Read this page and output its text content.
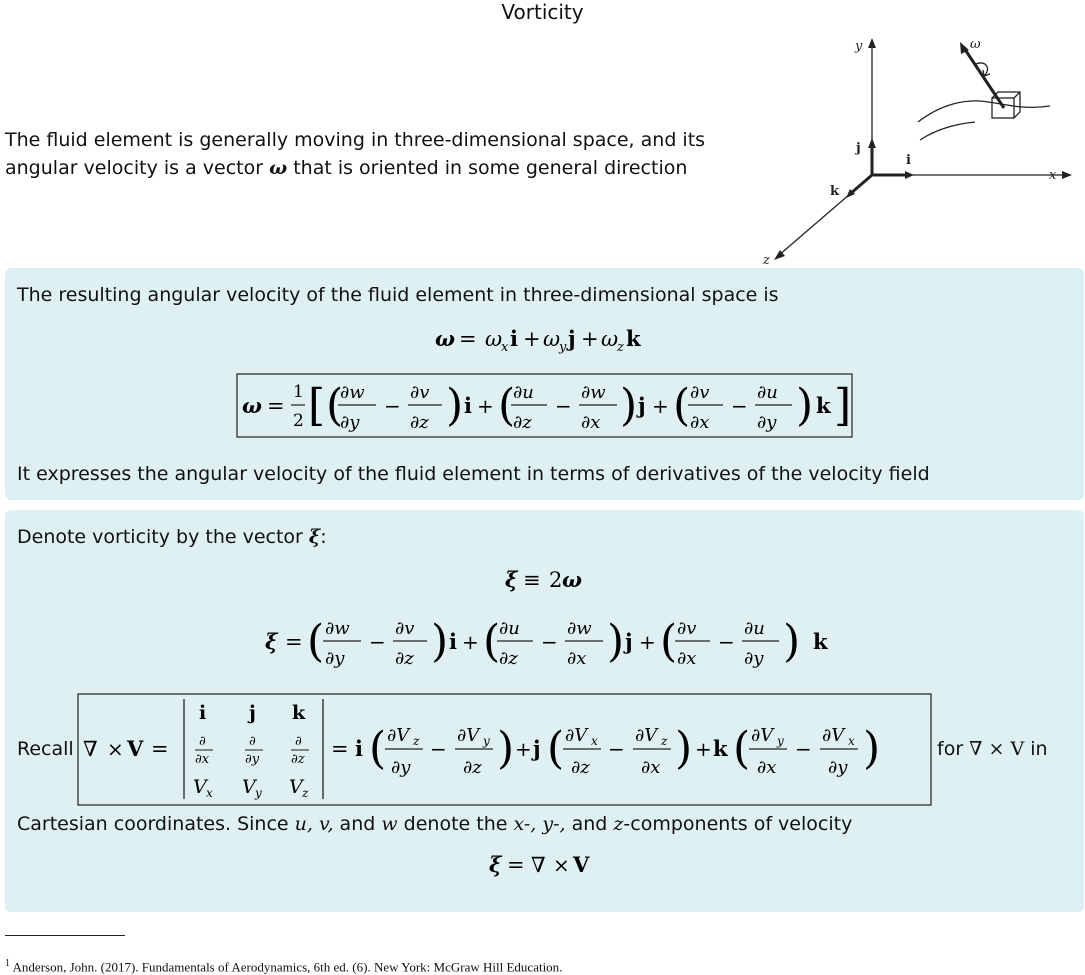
Vorticity
The fluid element is generally moving in three-dimensional space, and its angular velocity is a vector ω that is oriented in some general direction
y
x
z
ω
i
j
k
The resulting angular velocity of the fluid element in three-dimensional space is
ω = ω
x i + ω
y j + ω
z k
ω =
1
2 [ (
∂w
∂y
−
∂v
∂z ) i + (
∂u
∂z
−
∂w
∂x ) j + ( ∂v
∂x
−
∂u
∂y ) k ]
It expresses the angular velocity of the fluid element in terms of derivatives of the velocity field
Denote vorticity by the vector ξ:
ξ ≡ 2 ω
ξ = ( ∂w
∂y
−
∂v
∂z ) i + (
∂u
∂z
−
∂w
∂x ) j + ( ∂v
∂x
−
∂u
∂y ) k
Recall ∇ × V =
i j k
∂
∂x
∂
∂y
∂
∂z
V x V y V z
= i ( ∂V z
∂y
−
∂V y
∂z ) + j ( ∂V x
∂z
−
∂V z
∂x ) + k ( ∂V y
∂x
−
∂V x
∂y )	for ∇ × V in
Cartesian coordinates. Since u, v, and w denote the x-, y-, and z-components of velocity
ξ = ∇ × V
$^1$ Anderson, John. (2017). Fundamentals of Aerodynamics, 6th ed. (6). New York: McGraw Hill Education.
